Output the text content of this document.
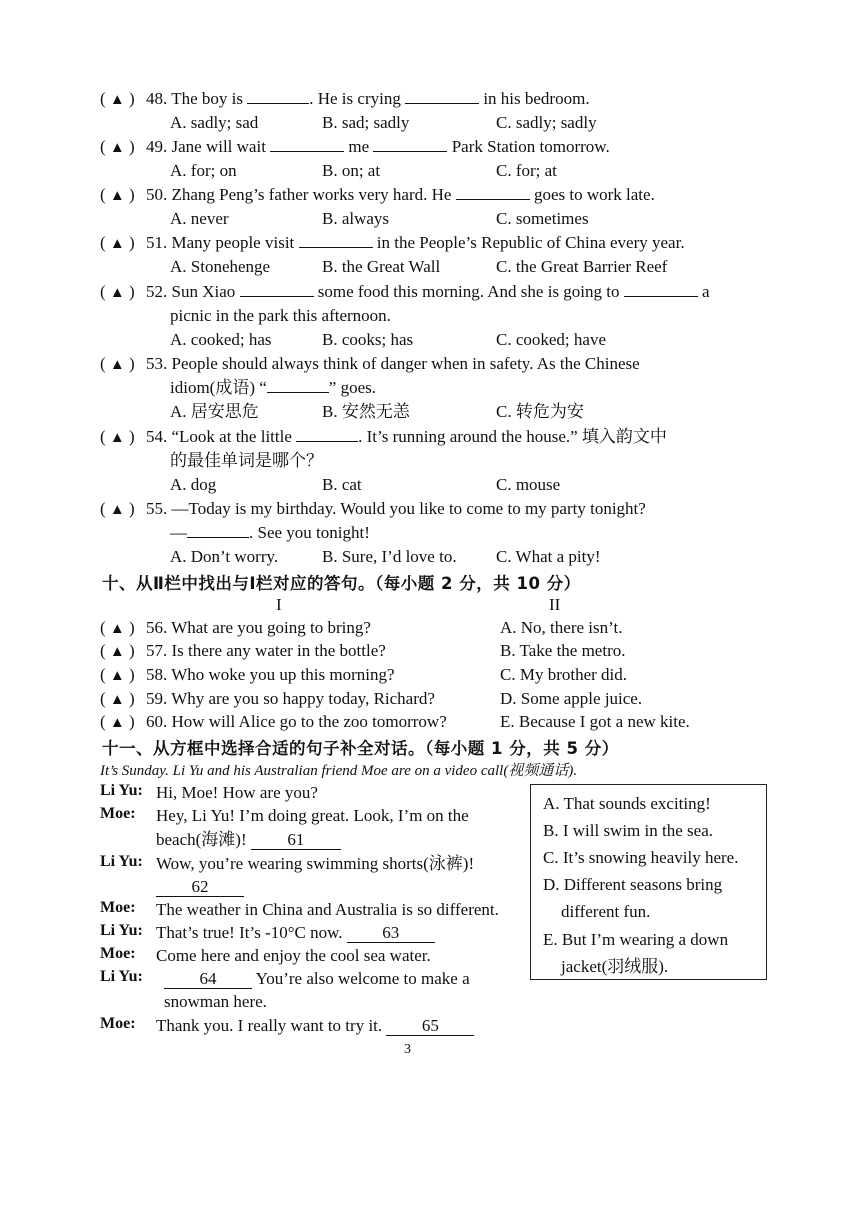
( ▲ ) 48. The boy is	. He is crying	in his bedroom.
A. sadly; sad	B. sad; sadly	C. sadly; sadly
( ▲ ) 49. Jane will wait	me	Park Station tomorrow.
A. for; on	B. on; at	C. for; at
( ▲ ) 50. Zhang Peng’s father works very hard. He	goes to work late.
A. never	B. always	C. sometimes
( ▲ ) 51. Many people visit	in the People’s Republic of China every year.
A. Stonehenge	B. the Great Wall	C. the Great Barrier Reef
( ▲ ) 52. Sun Xiao	some food this morning. And she is going to	a
picnic in the park this afternoon.
A. cooked; has	B. cooks; has	C. cooked; have
( ▲ ) 53. People should always think of danger when in safety. As the Chinese
idiom(成语) “	” goes.
A. 居安思危	B. 安然无恙	C. 转危为安
( ▲ ) 54. “Look at the little	. It’s running around the house.” 填入韵文中
的最佳单词是哪个？
A. dog	B. cat	C. mouse
( ▲ ) 55. —Today is my birthday. Would you like to come to my party tonight?
—	. See you tonight!
A. Don’t worry.	B. Sure, I’d love to. C. What a pity!
十、从Ⅱ栏中找出与Ⅰ栏对应的答句。（每小题 2 分，共 10 分）
I	II
( ▲ ) 56. What are you going to bring?	A. No, there isn’t.
( ▲ ) 57. Is there any water in the bottle?	B. Take the metro.
( ▲ ) 58. Who woke you up this morning?	C. My brother did.
( ▲ ) 59. Why are you so happy today, Richard?	D. Some apple juice.
( ▲ ) 60. How will Alice go to the zoo tomorrow?	E. Because I got a new kite.
十一、从方框中选择合适的句子补全对话。（每小题 1 分，共 5 分）
It’s Sunday. Li Yu and his Australian friend Moe are on a video call(视频通话).
Li Yu: Hi, Moe! How are you?
Moe: Hey, Li Yu! I’m doing great. Look, I’m on the
beach(海滩)! 61
Li Yu: Wow, you’re wearing swimming shorts(泳裤)!
62
Moe: The weather in China and Australia is so different.
Li Yu: That’s true! It’s -10°C now. 63
Moe: Come here and enjoy the cool sea water.
Li Yu:	64 You’re also welcome to make a
snowman here.
Moe: Thank you. I really want to try it. 65
A. That sounds exciting!
B. I will swim in the sea.
C. It’s snowing heavily here.
D. Different seasons bring
different fun.
E. But I’m wearing a down
jacket(羽绒服).
3
